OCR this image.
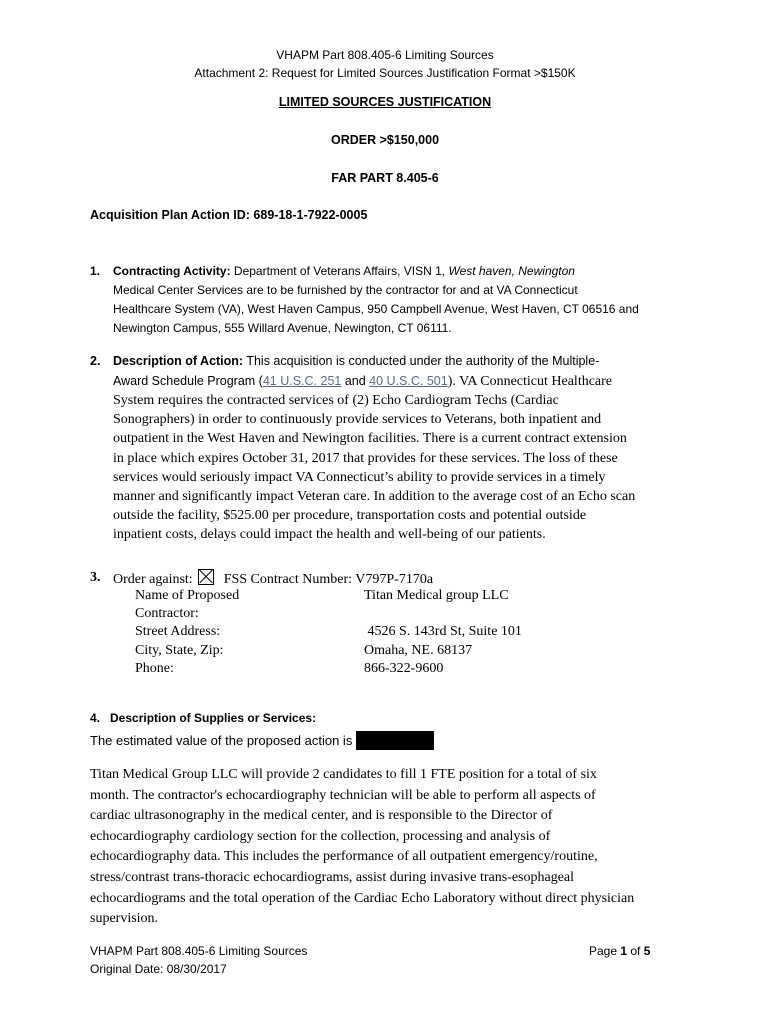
VHAPM Part 808.405-6 Limiting Sources
Attachment 2: Request for Limited Sources Justification Format >$150K
LIMITED SOURCES JUSTIFICATION
ORDER >$150,000
FAR PART 8.405-6
Acquisition Plan Action ID: 689-18-1-7922-0005
1. Contracting Activity: Department of Veterans Affairs, VISN 1, West haven, Newington
Medical Center Services are to be furnished by the contractor for and at VA Connecticut
Healthcare System (VA), West Haven Campus, 950 Campbell Avenue, West Haven, CT 06516 and
Newington Campus, 555 Willard Avenue, Newington, CT 06111.
2. Description of Action: This acquisition is conducted under the authority of the Multiple-
Award Schedule Program (41 U.S.C. 251 and 40 U.S.C. 501). VA Connecticut Healthcare
System requires the contracted services of (2) Echo Cardiogram Techs (Cardiac
Sonographers) in order to continuously provide services to Veterans, both inpatient and
outpatient in the West Haven and Newington facilities. There is a current contract extension
in place which expires October 31, 2017 that provides for these services. The loss of these
services would seriously impact VA Connecticut’s ability to provide services in a timely
manner and significantly impact Veteran care. In addition to the average cost of an Echo scan
outside the facility, $525.00 per procedure, transportation costs and potential outside
inpatient costs, delays could impact the health and well-being of our patients.
3. Order against: FSS Contract Number: V797P-7170a
Name of Proposed	Titan Medical group LLC
Contractor:
Street Address:	4526 S. 143rd St, Suite 101
City, State, Zip:	Omaha, NE. 68137
Phone:	866-322-9600
4.   Description of Supplies or Services:
The estimated value of the proposed action is
Titan Medical Group LLC will provide 2 candidates to fill 1 FTE position for a total of six
month. The contractor's echocardiography technician will be able to perform all aspects of
cardiac ultrasonography in the medical center, and is responsible to the Director of
echocardiography cardiology section for the collection, processing and analysis of
echocardiography data. This includes the performance of all outpatient emergency/routine,
stress/contrast trans-thoracic echocardiograms, assist during invasive trans-esophageal
echocardiograms and the total operation of the Cardiac Echo Laboratory without direct physician
supervision.
VHAPM Part 808.405-6 Limiting Sources
Original Date: 08/30/2017
Page 1 of 5
